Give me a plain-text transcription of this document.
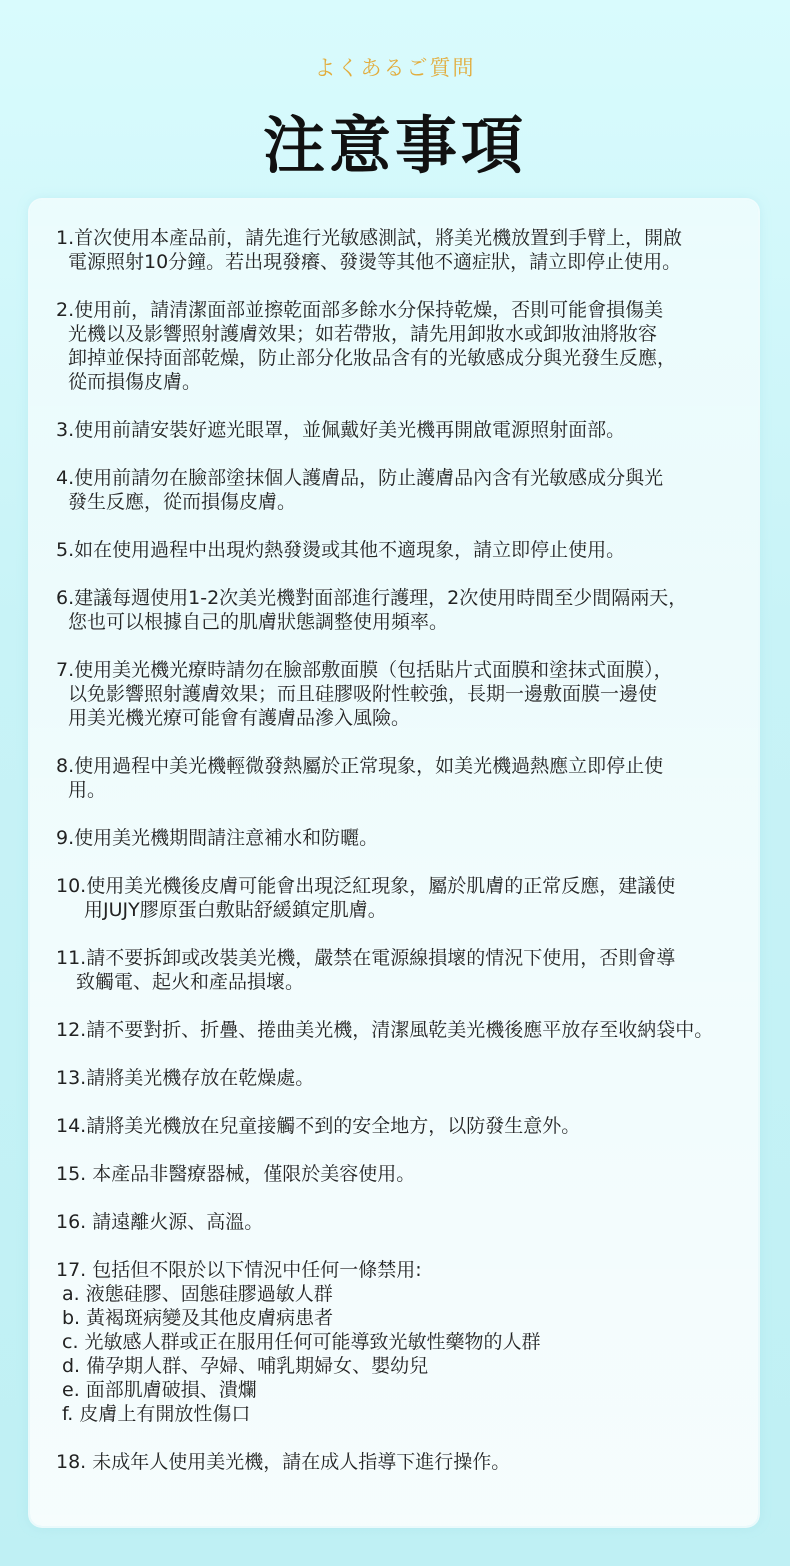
よくあるご質問
注意事項
1.首次使用本產品前，請先進行光敏感測試，將美光機放置到手臂上，開啟
電源照射10分鐘。若出現發癢、發燙等其他不適症狀，請立即停止使用。
2.使用前，請清潔面部並擦乾面部多餘水分保持乾燥，否則可能會損傷美
光機以及影響照射護膚效果；如若帶妝，請先用卸妝水或卸妝油將妝容
卸掉並保持面部乾燥，防止部分化妝品含有的光敏感成分與光發生反應，
從而損傷皮膚。
3.使用前請安裝好遮光眼罩，並佩戴好美光機再開啟電源照射面部。
4.使用前請勿在臉部塗抹個人護膚品，防止護膚品內含有光敏感成分與光
發生反應，從而損傷皮膚。
5.如在使用過程中出現灼熱發燙或其他不適現象，請立即停止使用。
6.建議每週使用1-2次美光機對面部進行護理，2次使用時間至少間隔兩天，
您也可以根據自己的肌膚狀態調整使用頻率。
7.使用美光機光療時請勿在臉部敷面膜（包括貼片式面膜和塗抹式面膜），
以免影響照射護膚效果；而且硅膠吸附性較強，長期一邊敷面膜一邊使
用美光機光療可能會有護膚品滲入風險。
8.使用過程中美光機輕微發熱屬於正常現象，如美光機過熱應立即停止使
用。
9.使用美光機期間請注意補水和防曬。
10.使用美光機後皮膚可能會出現泛紅現象，屬於肌膚的正常反應，建議使
用JUJY膠原蛋白敷貼舒緩鎮定肌膚。
11.請不要拆卸或改裝美光機，嚴禁在電源線損壞的情況下使用，否則會導
致觸電、起火和產品損壞。
12.請不要對折、折疊、捲曲美光機，清潔風乾美光機後應平放存至收納袋中。
13.請將美光機存放在乾燥處。
14.請將美光機放在兒童接觸不到的安全地方，以防發生意外。
15. 本產品非醫療器械，僅限於美容使用。
16. 請遠離火源、高溫。
17. 包括但不限於以下情況中任何一條禁用:
a. 液態硅膠、固態硅膠過敏人群
b. 黃褐斑病變及其他皮膚病患者
c. 光敏感人群或正在服用任何可能導致光敏性藥物的人群
d. 備孕期人群、孕婦、哺乳期婦女、嬰幼兒
e. 面部肌膚破損、潰爛
f. 皮膚上有開放性傷口
18. 未成年人使用美光機，請在成人指導下進行操作。
